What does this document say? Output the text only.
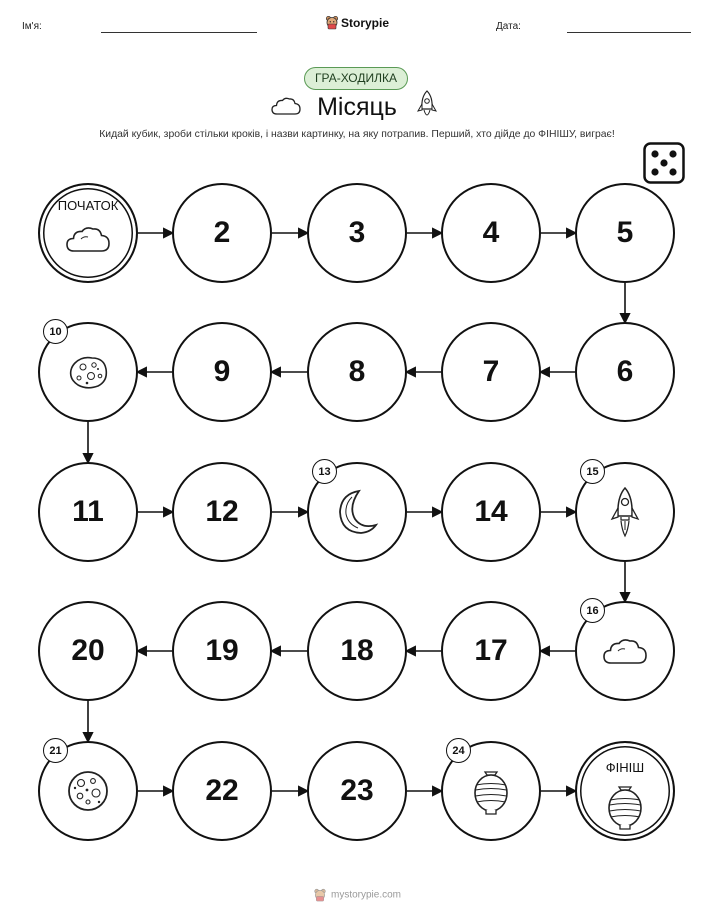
Ім'я:	Storypie	Дата:
ГРА-ХОДИЛКА
Місяць
Кидай кубик, зроби стільки кроків, і назви картинку, на яку потрапив. Перший, хто дійде до ФІНІШУ, виграє!
ПОЧАТОК
2	3	4	5
6
7
8
9
10
11	12
13
14
15
16
17
18
19
20
21
22	23
24
ФІНІШ
mystorypie.com
